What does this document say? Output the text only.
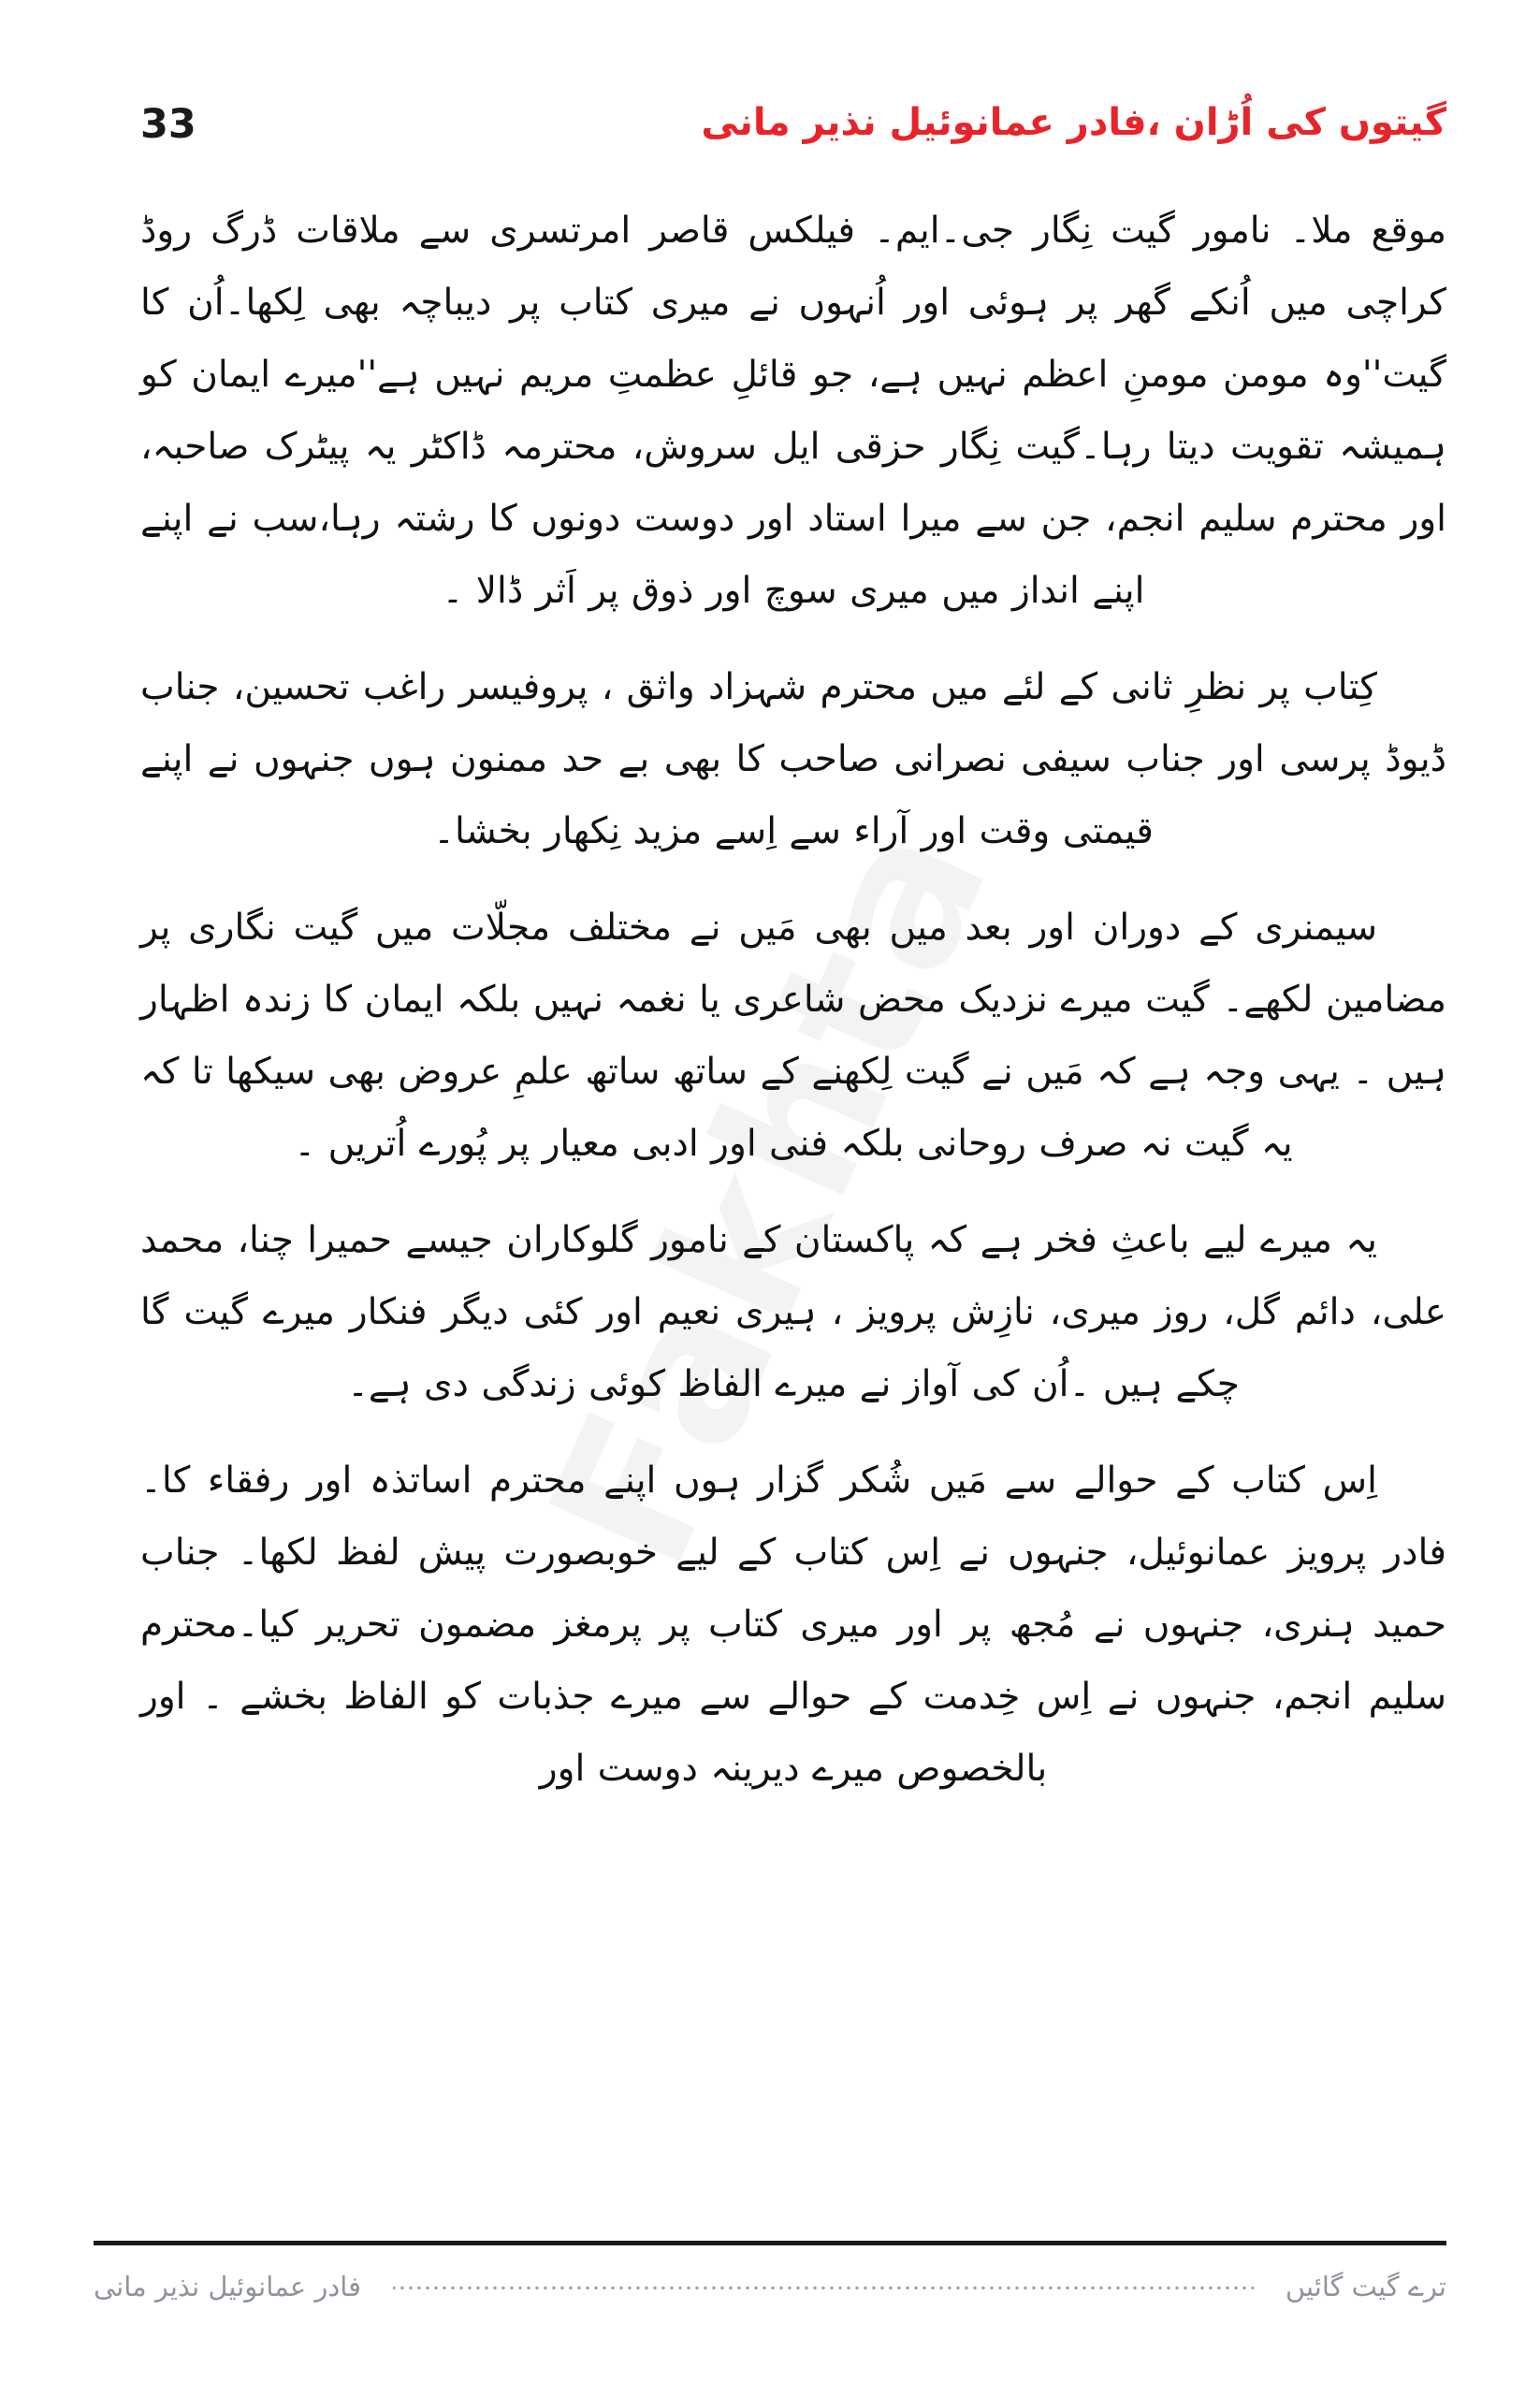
33	گیتوں کی اُڑان ،فادر عمانوئیل نذیر مانی

موقع ملا۔ نامور گیت نِگار جی۔ایم۔ فیلکس قاصر امرتسری سے ملاقات ڈرگ روڈ کراچی میں اُنکے گھر پر ہوئی اور اُنہوں نے میری کتاب پر دیباچہ بھی لِکھا۔اُن کا گیت''وہ مومن مومنِ اعظم نہیں ہے، جو قائلِ عظمتِ مریم نہیں ہے''میرے ایمان کو ہمیشہ تقویت دیتا رہا۔گیت نِگار حزقی ایل سروش، محترمہ ڈاکٹر یہ پیٹرک صاحبہ، اور محترم سلیم انجم، جن سے میرا استاد اور دوست دونوں کا رشتہ رہا،سب نے اپنے اپنے انداز میں میری سوچ اور ذوق پر اَثر ڈالا ۔

کِتاب پر نظرِ ثانی کے لئے میں محترم شہزاد واثق ، پروفیسر راغب تحسین، جناب ڈیوڈ پرسی اور جناب سیفی نصرانی صاحب کا بھی بے حد ممنون ہوں جنہوں نے اپنے قیمتی وقت اور آراء سے اِسے مزید نِکھار بخشا۔

سیمنری کے دوران اور بعد میں بھی مَیں نے مختلف مجلّات میں گیت نگاری پر مضامین لکھے۔ گیت میرے نزدیک محض شاعری یا نغمہ نہیں بلکہ ایمان کا زندہ اظہار ہیں ۔ یہی وجہ ہے کہ مَیں نے گیت لِکھنے کے ساتھ ساتھ علمِ عروض بھی سیکھا تا کہ یہ گیت نہ صرف روحانی بلکہ فنی اور ادبی معیار پر پُورے اُتریں ۔

یہ میرے لیے باعثِ فخر ہے کہ پاکستان کے نامور گلوکاران جیسے حمیرا چنا، محمد علی، دائم گل، روز میری، نازِش پرویز ، ہیری نعیم اور کئی دیگر فنکار میرے گیت گا چکے ہیں ۔اُن کی آواز نے میرے الفاظ کوئی زندگی دی ہے۔

اِس کتاب کے حوالے سے مَیں شُکر گزار ہوں اپنے محترم اساتذہ اور رفقاء کا۔ فادر پرویز عمانوئیل، جنہوں نے اِس کتاب کے لیے خوبصورت پیش لفظ لکھا۔ جناب حمید ہنری، جنہوں نے مُجھ پر اور میری کتاب پر پرمغز مضمون تحریر کیا۔محترم سلیم انجم، جنہوں نے اِس خِدمت کے حوالے سے میرے جذبات کو الفاظ بخشے ۔ اور بالخصوص میرے دیرینہ دوست اور

ترے گیت گائیں
فادر عمانوئیل نذیر مانی
